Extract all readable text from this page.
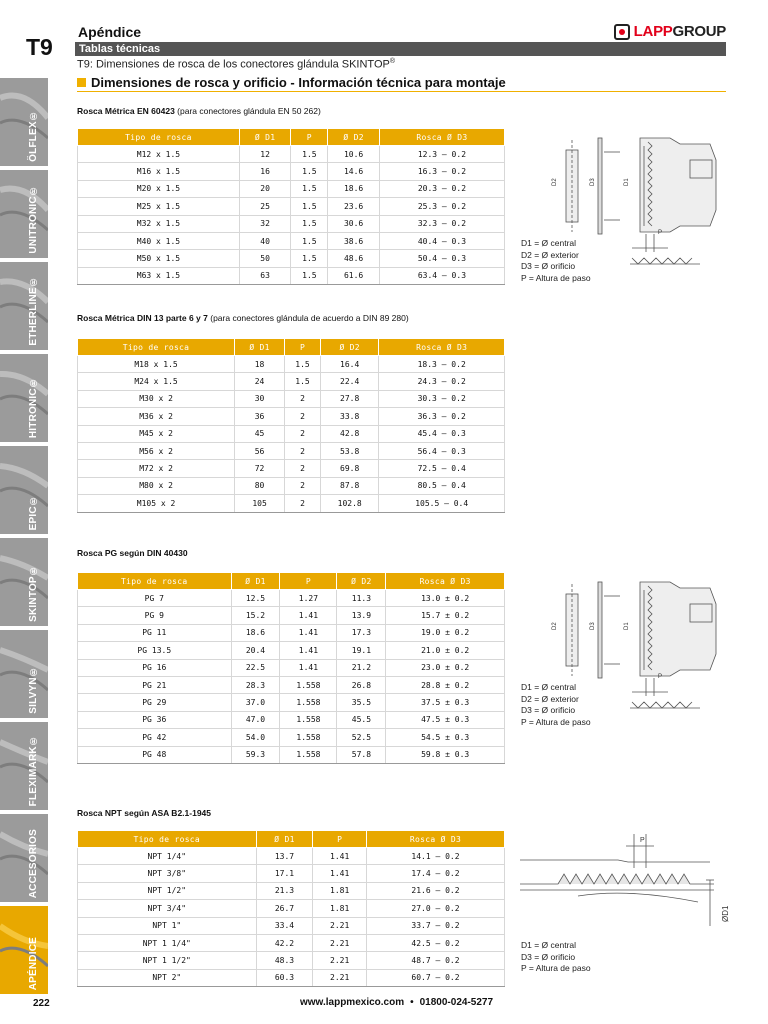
T9
Apéndice	LAPPGROUP
Tablas técnicas
T9: Dimensiones de rosca de los conectores glándula SKINTOP®
Dimensiones de rosca y orificio - Información técnica para montaje
ÖLFLEX®
UNITRONIC®
ETHERLINE®
HITRONIC®
EPIC®
SKINTOP®
SILVYN®
FLEXIMARK®
ACCESORIOS
APÉNDICE
Rosca Métrica EN 60423 (para conectores glándula EN 50 262)
Tipo de rosca	Ø D1	P	Ø D2	Rosca Ø D3
M12 x 1.5	12	1.5	10.6	12.3 – 0.2
M16 x 1.5	16	1.5	14.6	16.3 – 0.2
M20 x 1.5	20	1.5	18.6	20.3 – 0.2
M25 x 1.5	25	1.5	23.6	25.3 – 0.2
M32 x 1.5	32	1.5	30.6	32.3 – 0.2
M40 x 1.5	40	1.5	38.6	40.4 – 0.3
M50 x 1.5	50	1.5	48.6	50.4 – 0.3
M63 x 1.5	63	1.5	61.6	63.4 – 0.3
Rosca Métrica DIN 13 parte 6 y 7 (para conectores glándula de acuerdo a DIN 89 280)
Tipo de rosca	Ø D1	P	Ø D2	Rosca Ø D3
M18 x 1.5	18	1.5	16.4	18.3 – 0.2
M24 x 1.5	24	1.5	22.4	24.3 – 0.2
M30 x 2	30	2	27.8	30.3 – 0.2
M36 x 2	36	2	33.8	36.3 – 0.2
M45 x 2	45	2	42.8	45.4 – 0.3
M56 x 2	56	2	53.8	56.4 – 0.3
M72 x 2	72	2	69.8	72.5 – 0.4
M80 x 2	80	2	87.8	80.5 – 0.4
M105 x 2	105	2	102.8	105.5 – 0.4
Rosca PG según DIN 40430
Tipo de rosca	Ø D1	P	Ø D2	Rosca Ø D3
PG 7	12.5	1.27	11.3	13.0 ± 0.2
PG 9	15.2	1.41	13.9	15.7 ± 0.2
PG 11	18.6	1.41	17.3	19.0 ± 0.2
PG 13.5	20.4	1.41	19.1	21.0 ± 0.2
PG 16	22.5	1.41	21.2	23.0 ± 0.2
PG 21	28.3	1.558	26.8	28.8 ± 0.2
PG 29	37.0	1.558	35.5	37.5 ± 0.3
PG 36	47.0	1.558	45.5	47.5 ± 0.3
PG 42	54.0	1.558	52.5	54.5 ± 0.3
PG 48	59.3	1.558	57.8	59.8 ± 0.3
Rosca NPT según ASA B2.1-1945
Tipo de rosca	Ø D1	P	Rosca Ø D3
NPT 1/4"	13.7	1.41	14.1 – 0.2
NPT 3/8"	17.1	1.41	17.4 – 0.2
NPT 1/2"	21.3	1.81	21.6 – 0.2
NPT 3/4"	26.7	1.81	27.0 – 0.2
NPT 1"	33.4	2.21	33.7 – 0.2
NPT 1 1/4"	42.2	2.21	42.5 – 0.2
NPT 1 1/2"	48.3	2.21	48.7 – 0.2
NPT 2"	60.3	2.21	60.7 – 0.2
D2	D3	D1
P
D1 = Ø central
D2 = Ø exterior
D3 = Ø orificio
P = Altura de paso
D2	D3	D1
P
D1 = Ø central
D2 = Ø exterior
D3 = Ø orificio
P = Altura de paso
P
ØD1
D1 = Ø central
D3 = Ø orificio
P = Altura de paso
222	www.lappmexico.com • 01800-024-5277
